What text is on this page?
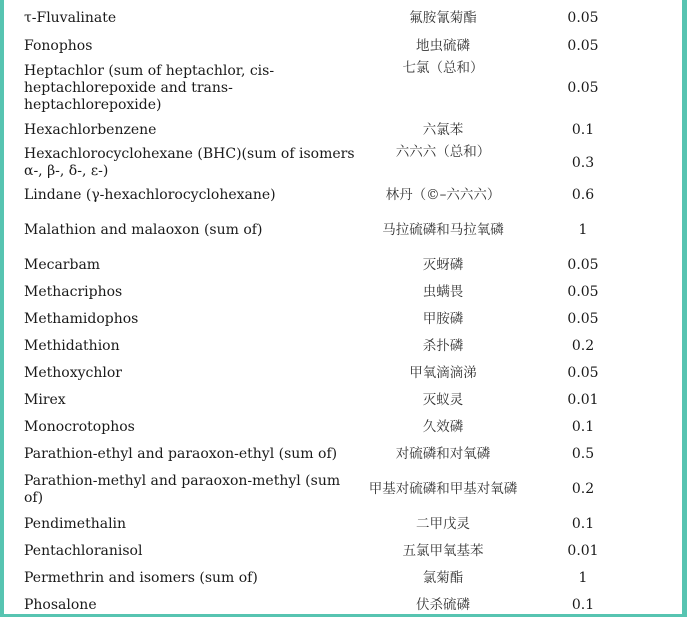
τ-Fluvalinate	氟胺氰菊酯	0.05
Fonophos	地虫硫磷	0.05
Heptachlor (sum of heptachlor, cis-heptachlorepoxide and trans-heptachlorepoxide)	七氯（总和）	0.05
Hexachlorbenzene	六氯苯	0.1
Hexachlorocyclohexane (BHC)(sum of isomers α-, β-, δ-, ε-)	六六六（总和）	0.3
Lindane (γ-hexachlorocyclohexane)	林丹（©–六六六）	0.6
Malathion and malaoxon (sum of)	马拉硫磷和马拉氧磷	1
Mecarbam	灭蚜磷	0.05
Methacriphos	虫螨畏	0.05
Methamidophos	甲胺磷	0.05
Methidathion	杀扑磷	0.2
Methoxychlor	甲氧滴滴涕	0.05
Mirex	灭蚁灵	0.01
Monocrotophos	久效磷	0.1
Parathion-ethyl and paraoxon-ethyl (sum of)	对硫磷和对氧磷	0.5
Parathion-methyl and paraoxon-methyl (sum of)	甲基对硫磷和甲基对氧磷	0.2
Pendimethalin	二甲戊灵	0.1
Pentachloranisol	五氯甲氧基苯	0.01
Permethrin and isomers (sum of)	氯菊酯	1
Phosalone	伏杀硫磷	0.1
